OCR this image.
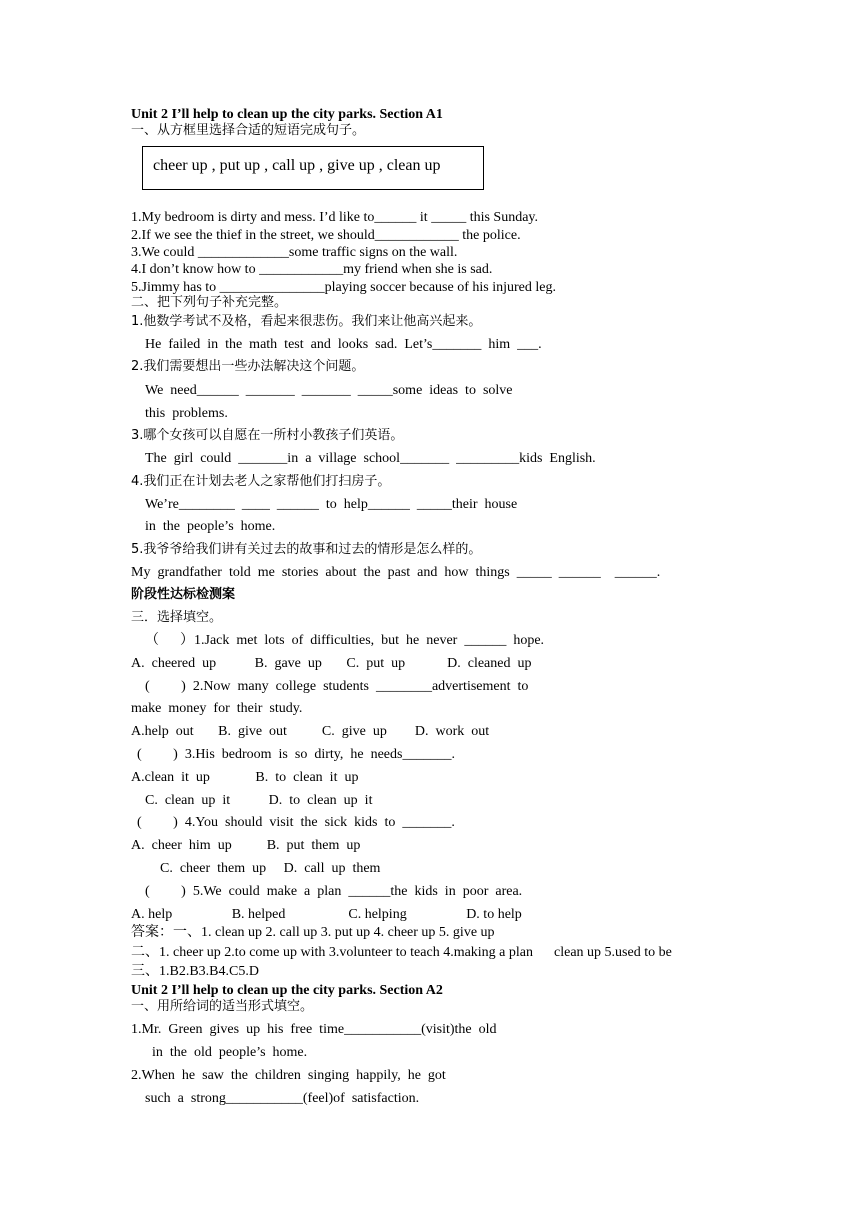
Unit 2 I’ll help to clean up the city parks. Section A1
一、从方框里选择合适的短语完成句子。
cheer up , put up , call up , give up , clean up
1.My bedroom is dirty and mess. I’d like to______ it _____ this Sunday.
2.If we see the thief in the street, we should____________ the police.
3.We could _____________some traffic signs on the wall.
4.I don’t know how to ____________my friend when she is sad.
5.Jimmy has to _______________playing soccer because of his injured leg.
二、把下列句子补充完整。
1.他数学考试不及格，看起来很悲伤。我们来让他高兴起来。
He  failed  in  the  math  test  and  looks  sad.  Let’s_______  him  ___.
2.我们需要想出一些办法解决这个问题。
We  need______  _______  _______  _____some  ideas  to  solve
this  problems.
3.哪个女孩可以自愿在一所村小教孩子们英语。
The  girl  could  _______in  a  village  school_______  _________kids  English.
4.我们正在计划去老人之家帮他们打扫房子。
We’re________  ____  ______  to  help______  _____their  house
in  the  people’s  home.
5.我爷爷给我们讲有关过去的故事和过去的情形是怎么样的。
My  grandfather  told  me  stories  about  the  past  and  how  things  _____  ______    ______.
阶段性达标检测案
三．选择填空。
（      ）1.Jack  met  lots  of  difficulties,  but  he  never  ______  hope.
A.  cheered  up           B.  gave  up       C.  put  up            D.  cleaned  up
(         )  2.Now  many  college  students  ________advertisement  to
make  money  for  their  study.
A.help  out       B.  give  out          C.  give  up        D.  work  out
(         )  3.His  bedroom  is  so  dirty,  he  needs_______.
A.clean  it  up             B.  to  clean  it  up
C.  clean  up  it           D.  to  clean  up  it
(         )  4.You  should  visit  the  sick  kids  to  _______.
A.  cheer  him  up          B.  put  them  up
C.  cheer  them  up     D.  call  up  them
(         )  5.We  could  make  a  plan  ______the  kids  in  poor  area.
A. help                 B. helped                  C. helping                 D. to help
答案：一、1. clean up 2. call up 3. put up 4. cheer up 5. give up
二、1. cheer up 2.to come up with 3.volunteer to teach 4.making a plan      clean up 5.used to be
三、1.B2.B3.B4.C5.D
Unit 2 I’ll help to clean up the city parks. Section A2
一、用所给词的适当形式填空。
1.Mr.  Green  gives  up  his  free  time___________(visit)the  old
in  the  old  people’s  home.
2.When  he  saw  the  children  singing  happily,  he  got
such  a  strong___________(feel)of  satisfaction.
